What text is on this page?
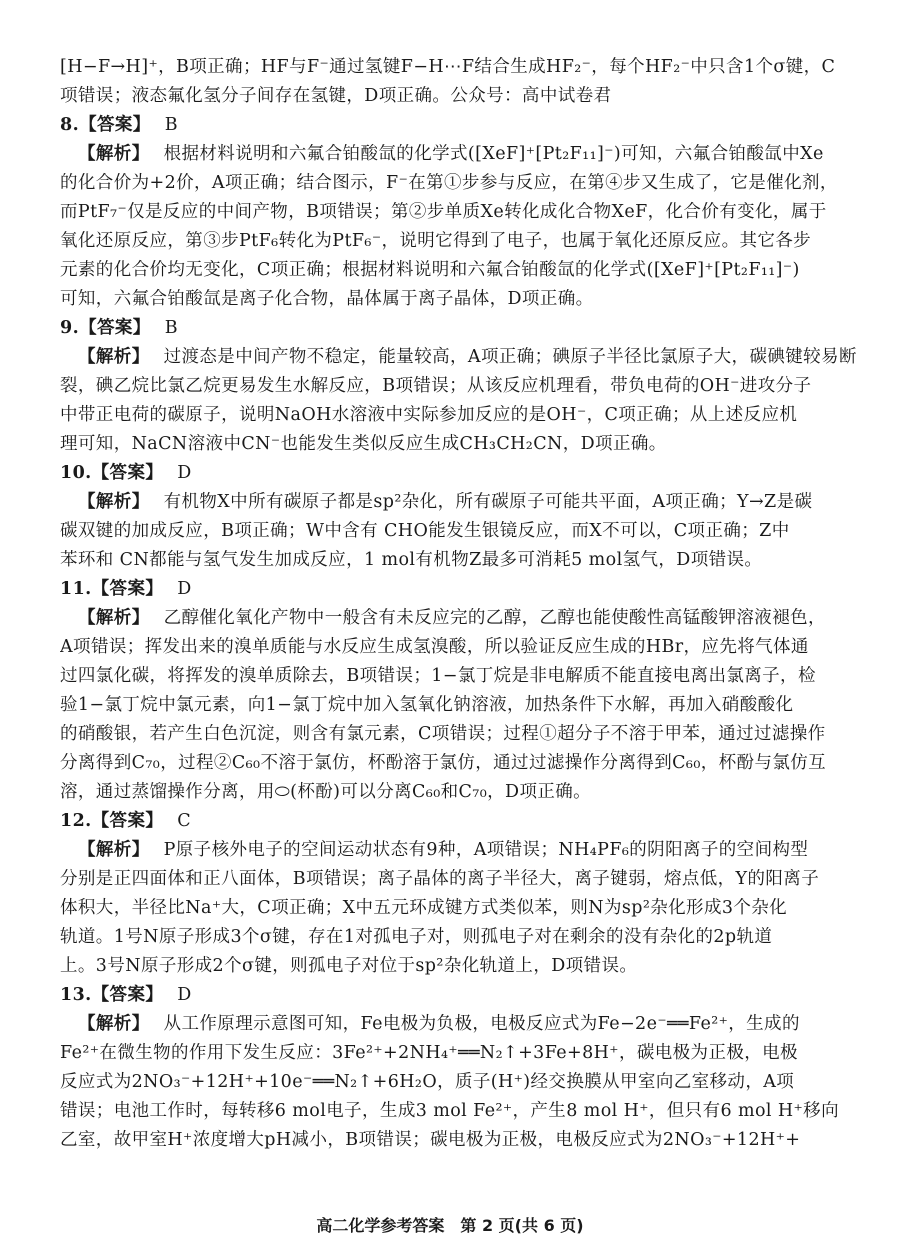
[H−F→H]⁺，B项正确；HF与F⁻通过氢键F−H⋯F结合生成HF₂⁻，每个HF₂⁻中只含1个σ键，C
项错误；液态氟化氢分子间存在氢键，D项正确。公众号：高中试卷君
8.【答案】 B
【解析】 根据材料说明和六氟合铂酸氙的化学式([XeF]⁺[Pt₂F₁₁]⁻)可知，六氟合铂酸氙中Xe
的化合价为+2价，A项正确；结合图示，F⁻在第①步参与反应，在第④步又生成了，它是催化剂，
而PtF₇⁻仅是反应的中间产物，B项错误；第②步单质Xe转化成化合物XeF，化合价有变化，属于
氧化还原反应，第③步PtF₆转化为PtF₆⁻，说明它得到了电子，也属于氧化还原反应。其它各步
元素的化合价均无变化，C项正确；根据材料说明和六氟合铂酸氙的化学式([XeF]⁺[Pt₂F₁₁]⁻)
可知，六氟合铂酸氙是离子化合物，晶体属于离子晶体，D项正确。
9.【答案】 B
【解析】 过渡态是中间产物不稳定，能量较高，A项正确；碘原子半径比氯原子大，碳碘键较易断
裂，碘乙烷比氯乙烷更易发生水解反应，B项错误；从该反应机理看，带负电荷的OH⁻进攻分子
中带正电荷的碳原子，说明NaOH水溶液中实际参加反应的是OH⁻，C项正确；从上述反应机
理可知，NaCN溶液中CN⁻也能发生类似反应生成CH₃CH₂CN，D项正确。
10.【答案】 D
【解析】 有机物X中所有碳原子都是sp²杂化，所有碳原子可能共平面，A项正确；Y→Z是碳
碳双键的加成反应，B项正确；W中含有 CHO能发生银镜反应，而X不可以，C项正确；Z中
苯环和 CN都能与氢气发生加成反应，1 mol有机物Z最多可消耗5 mol氢气，D项错误。
11.【答案】 D
【解析】 乙醇催化氧化产物中一般含有未反应完的乙醇，乙醇也能使酸性高锰酸钾溶液褪色，
A项错误；挥发出来的溴单质能与水反应生成氢溴酸，所以验证反应生成的HBr，应先将气体通
过四氯化碳，将挥发的溴单质除去，B项错误；1−氯丁烷是非电解质不能直接电离出氯离子，检
验1−氯丁烷中氯元素，向1−氯丁烷中加入氢氧化钠溶液，加热条件下水解，再加入硝酸酸化
的硝酸银，若产生白色沉淀，则含有氯元素，C项错误；过程①超分子不溶于甲苯，通过过滤操作
分离得到C₇₀，过程②C₆₀不溶于氯仿，杯酚溶于氯仿，通过过滤操作分离得到C₆₀，杯酚与氯仿互
溶，通过蒸馏操作分离，用⬭(杯酚)可以分离C₆₀和C₇₀，D项正确。
12.【答案】 C
【解析】 P原子核外电子的空间运动状态有9种，A项错误；NH₄PF₆的阴阳离子的空间构型
分别是正四面体和正八面体，B项错误；离子晶体的离子半径大，离子键弱，熔点低，Y的阳离子
体积大，半径比Na⁺大，C项正确；X中五元环成键方式类似苯，则N为sp²杂化形成3个杂化
轨道。1号N原子形成3个σ键，存在1对孤电子对，则孤电子对在剩余的没有杂化的2p轨道
上。3号N原子形成2个σ键，则孤电子对位于sp²杂化轨道上，D项错误。
13.【答案】 D
【解析】 从工作原理示意图可知，Fe电极为负极，电极反应式为Fe−2e⁻══Fe²⁺，生成的
Fe²⁺在微生物的作用下发生反应：3Fe²⁺+2NH₄⁺══N₂↑+3Fe+8H⁺，碳电极为正极，电极
反应式为2NO₃⁻+12H⁺+10e⁻══N₂↑+6H₂O，质子(H⁺)经交换膜从甲室向乙室移动，A项
错误；电池工作时，每转移6 mol电子，生成3 mol Fe²⁺，产生8 mol H⁺，但只有6 mol H⁺移向
乙室，故甲室H⁺浓度增大pH减小，B项错误；碳电极为正极，电极反应式为2NO₃⁻+12H⁺+
高二化学参考答案　第 2 页(共 6 页)
